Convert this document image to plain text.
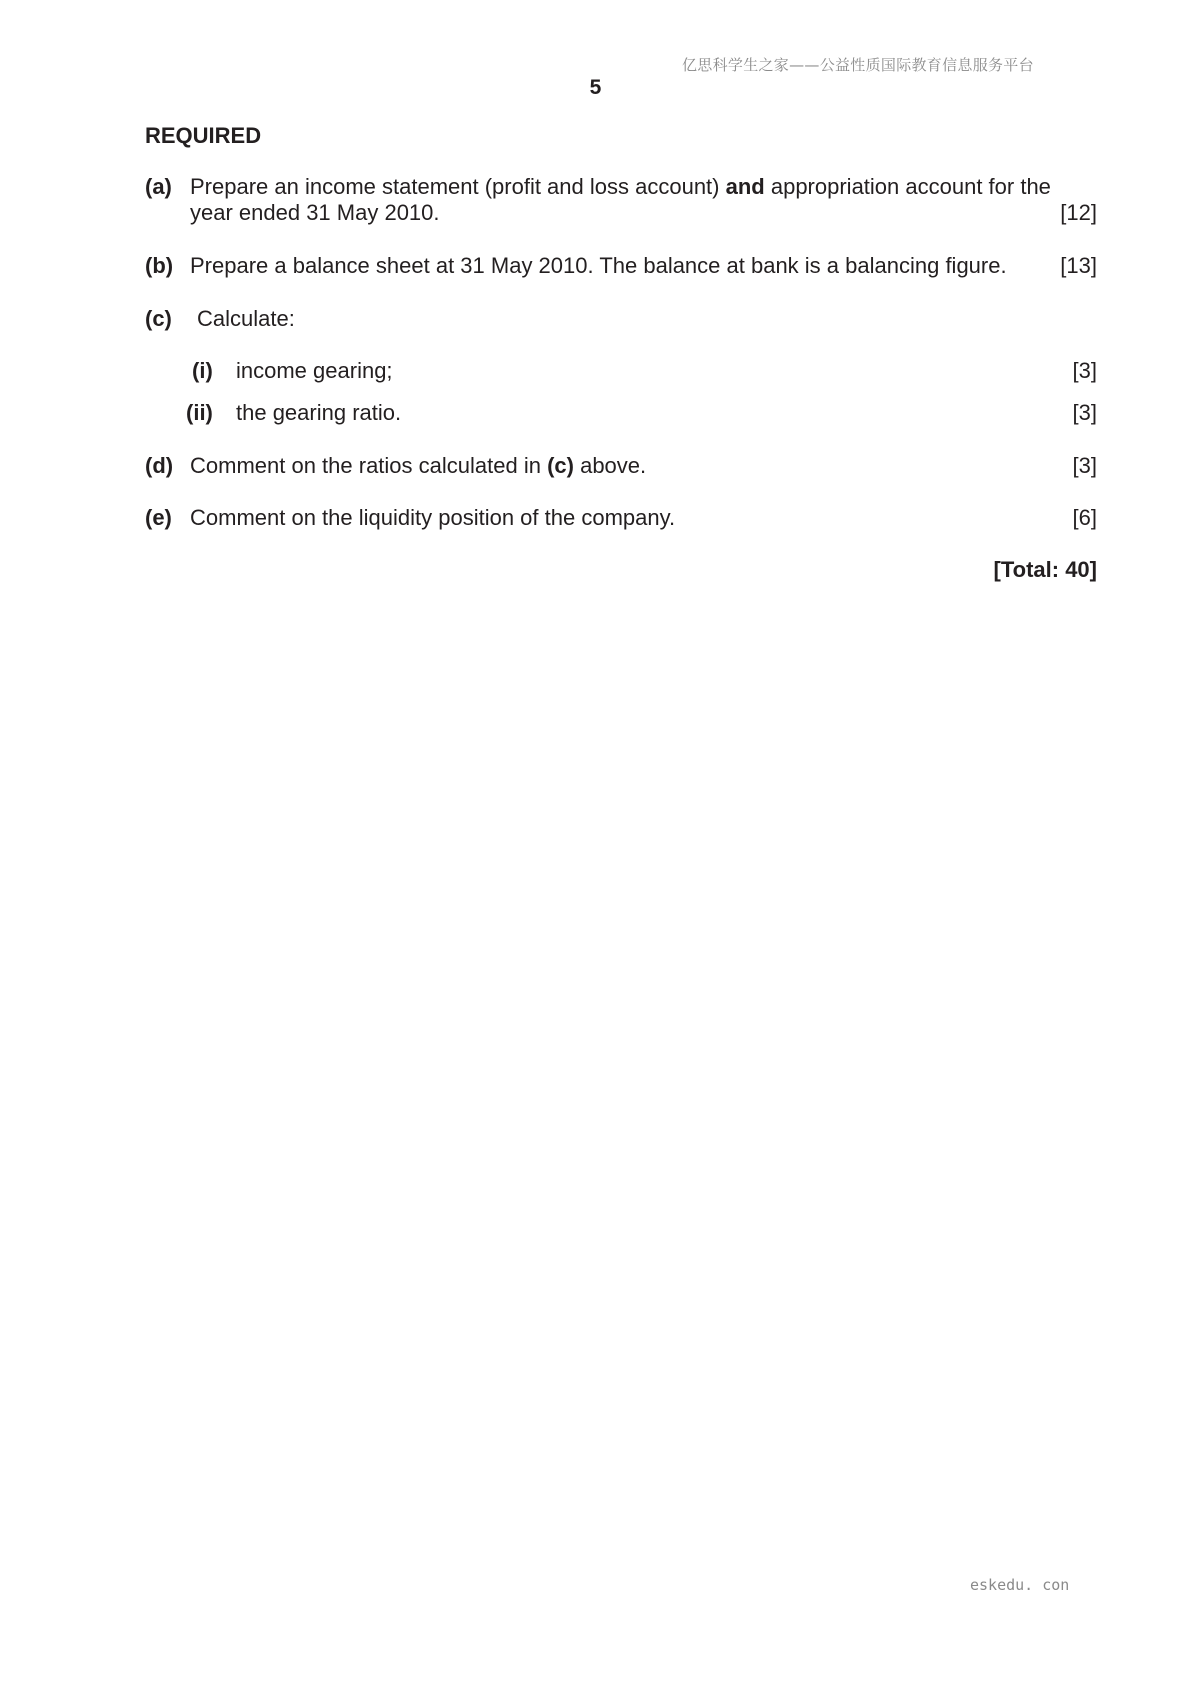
亿思科学生之家——公益性质国际教育信息服务平台
5
REQUIRED
(a) Prepare an income statement (profit and loss account) and appropriation account for the year ended 31 May 2010.	[12]
(b) Prepare a balance sheet at 31 May 2010. The balance at bank is a balancing figure. [13]
(c) Calculate:
(i) income gearing;	[3]
(ii) the gearing ratio.	[3]
(d) Comment on the ratios calculated in (c) above.	[3]
(e) Comment on the liquidity position of the company.	[6]
[Total: 40]
eskedu. con
